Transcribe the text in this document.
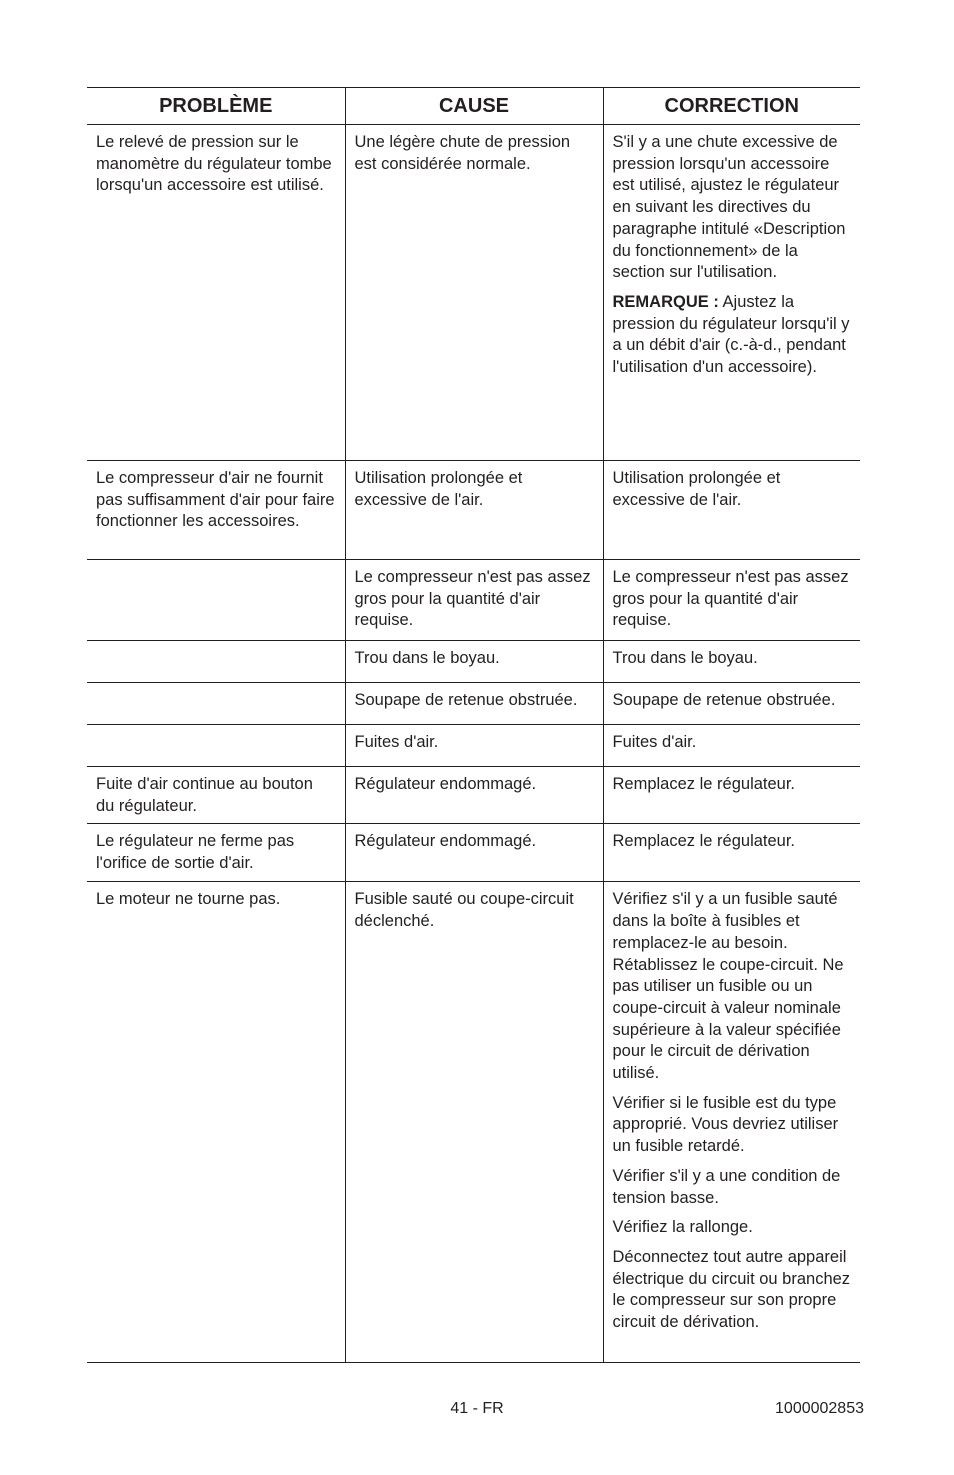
PROBLÈME	CAUSE	CORRECTION
Le relevé de pression sur le manomètre du régulateur tombe lorsqu'un accessoire est utilisé.	Une légère chute de pression est considérée normale.	S'il y a une chute excessive de pression lorsqu'un accessoire est utilisé, ajustez le régulateur en suivant les directives du paragraphe intitulé «Description du fonctionnement» de la section sur l'utilisation.

REMARQUE : Ajustez la pression du régulateur lorsqu'il y a un débit d'air (c.-à-d., pendant l'utilisation d'un accessoire).

Le compresseur d'air ne fournit pas suffisamment d'air pour faire fonctionner les accessoires.	Utilisation prolongée et excessive de l'air.	Utilisation prolongée et excessive de l'air.

	Le compresseur n'est pas assez gros pour la quantité d'air requise.	Le compresseur n'est pas assez gros pour la quantité d'air requise.

	Trou dans le boyau.	Trou dans le boyau.

	Soupape de retenue obstruée.	Soupape de retenue obstruée.

	Fuites d'air.	Fuites d'air.

Fuite d'air continue au bouton du régulateur.	Régulateur endommagé.	Remplacez le régulateur.

Le régulateur ne ferme pas l'orifice de sortie d'air.	Régulateur endommagé.	Remplacez le régulateur.

Le moteur ne tourne pas.	Fusible sauté ou coupe-circuit déclenché.	Vérifiez s'il y a un fusible sauté dans la boîte à fusibles et remplacez-le au besoin. Rétablissez le coupe-circuit. Ne pas utiliser un fusible ou un coupe-circuit à valeur nominale supérieure à la valeur spécifiée pour le circuit de dérivation utilisé.

Vérifier si le fusible est du type approprié. Vous devriez utiliser un fusible retardé.

Vérifier s'il y a une condition de tension basse.

Vérifiez la rallonge.

Déconnectez tout autre appareil électrique du circuit ou branchez le compresseur sur son propre circuit de dérivation.

41 - FR	1000002853
